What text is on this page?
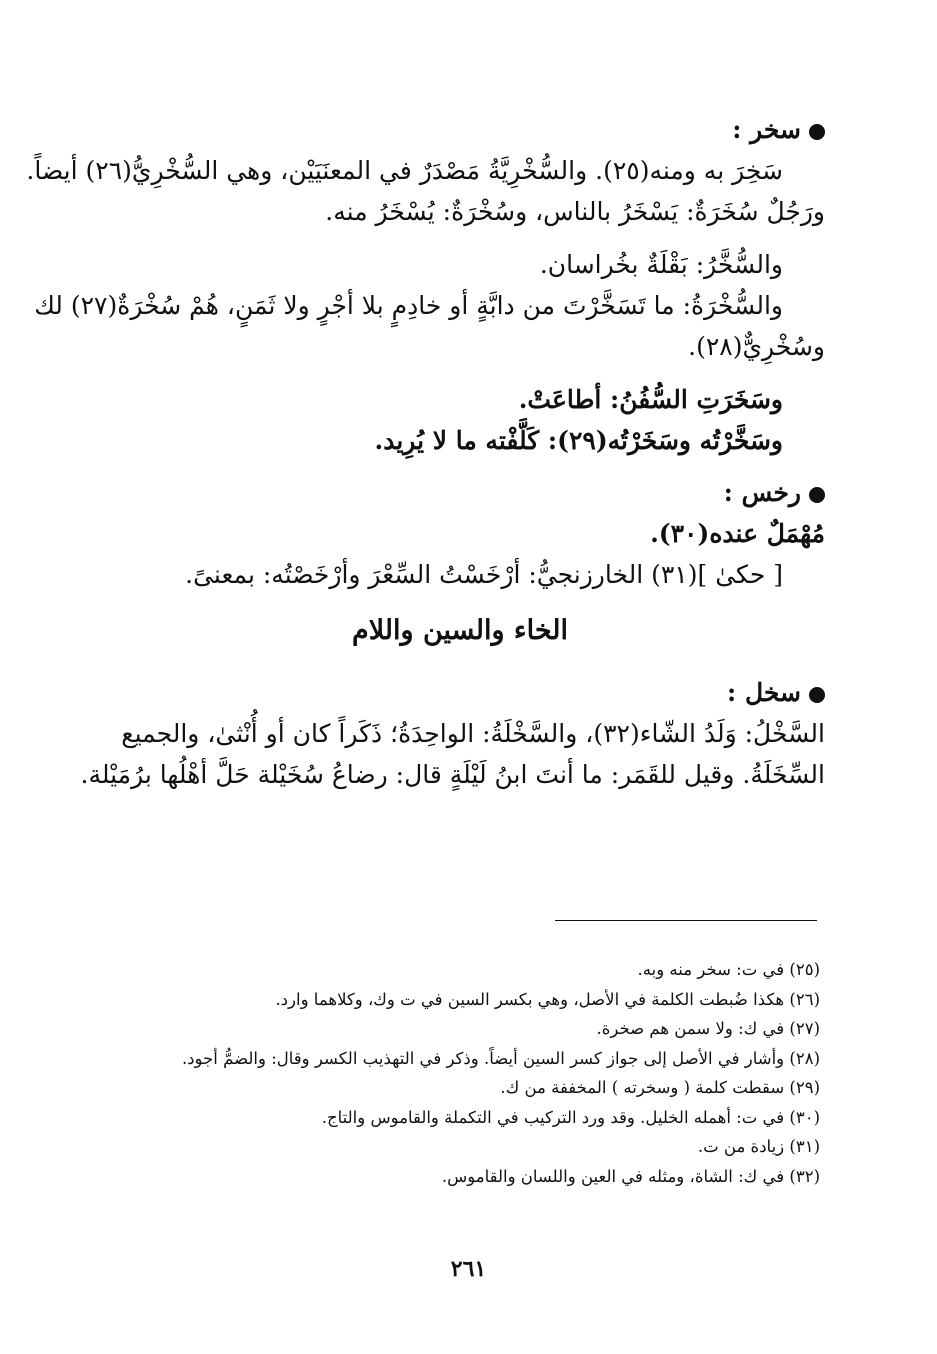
سخر :

سَخِرَ به ومنه(٢٥). والسُّخْرِيَّةُ مَصْدَرٌ في المعنَيَيْن، وهي السُّخْرِيُّ(٢٦) أيضاً.

ورَجُلٌ سُخَرَةٌ: يَسْخَرُ بالناس، وسُخْرَةٌ: يُسْخَرُ منه.

والسُّخَّرُ: بَقْلَةٌ بخُراسان.

والسُّخْرَةُ: ما تَسَخَّرْتَ من دابَّةٍ أو خادِمٍ بلا أجْرٍ ولا ثَمَنٍ، هُمْ سُخْرَةٌ(٢٧) لك

وسُخْرِيٌّ(٢٨).

وسَخَرَتِ السُّفُنُ: أطاعَتْ.

وسَخَّرْتُه وسَخَرْتُه(٢٩): كَلَّفْته ما لا يُرِيد.

رخس :

مُهْمَلٌ عنده(٣٠).

[ حكىٰ ](٣١) الخارزنجيُّ: أرْخَسْتُ السِّعْرَ وأرْخَصْتُه: بمعنىً.

الخاء والسين واللام

سخل :

السَّخْلُ: وَلَدُ الشّاء(٣٢)، والسَّخْلَةُ: الواحِدَةُ؛ ذَكَراً كان أو أُنْثىٰ، والجميع

السِّخَلَةُ. وقيل للقَمَر: ما أنتَ ابنُ لَيْلَةٍ قال: رضاعُ سُخَيْلة حَلَّ أهْلُها برُمَيْلة.

(٢٥) في ت: سخر منه وبه.

(٢٦) هكذا ضُبطت الكلمة في الأصل، وهي بكسر السين في ت وك، وكلاهما وارد.

(٢٧) في ك: ولا سمن هم صخرة.

(٢٨) وأشار في الأصل إلى جواز كسر السين أيضاً. وذكر في التهذيب الكسر وقال: والضمُّ أجود.

(٢٩) سقطت كلمة ( وسخرته ) المخففة من ك.

(٣٠) في ت: أهمله الخليل. وقد ورد التركيب في التكملة والقاموس والتاج.

(٣١) زيادة من ت.

(٣٢) في ك: الشاة، ومثله في العين واللسان والقاموس.

٢٦١
